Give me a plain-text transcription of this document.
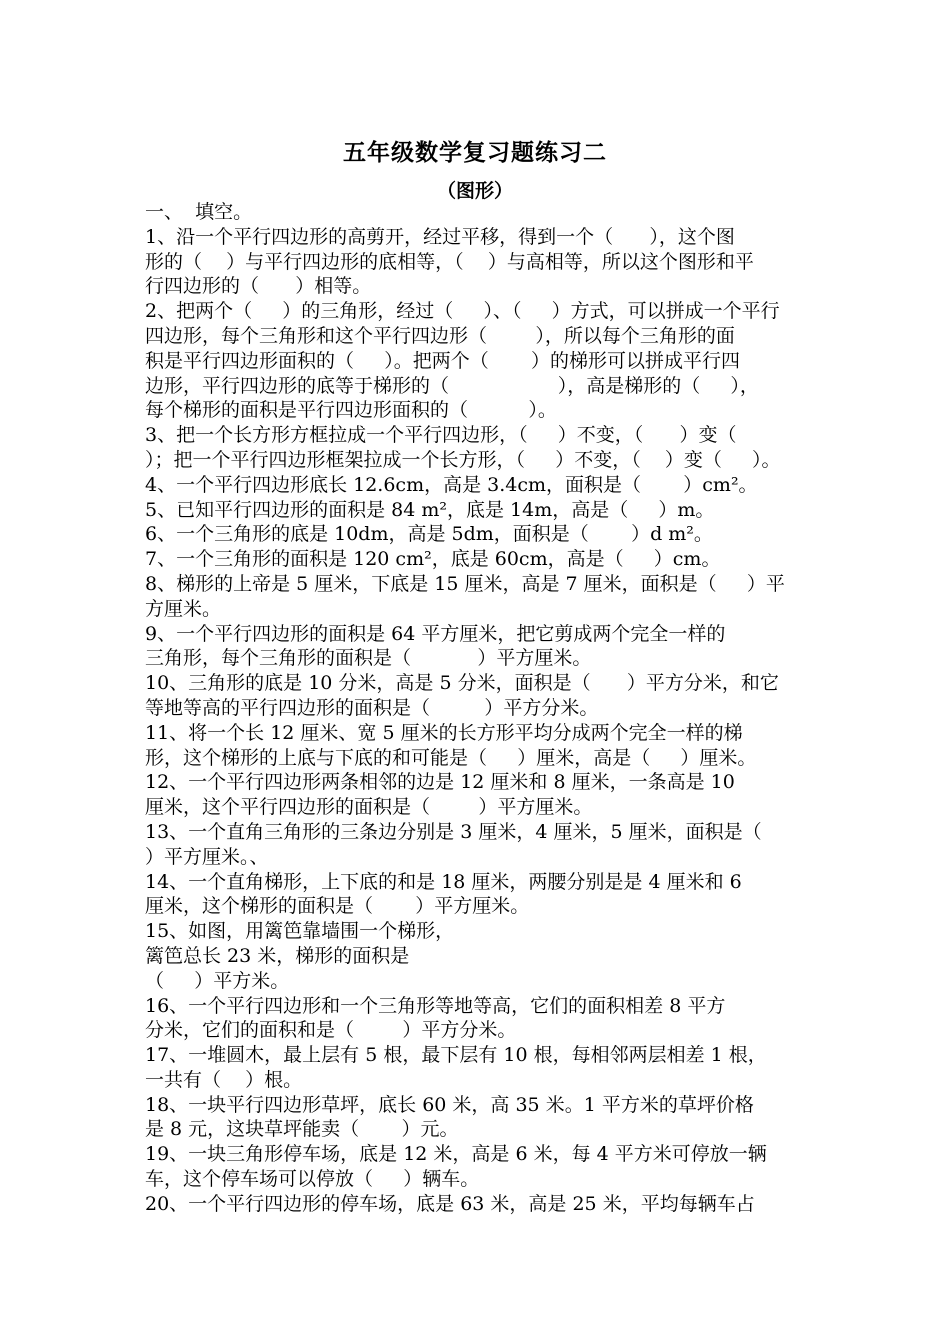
五年级数学复习题练习二
（图形）
一、  填空。
1、沿一个平行四边形的高剪开，经过平移，得到一个（      ），这个图
形的（    ）与平行四边形的底相等，（    ）与高相等，所以这个图形和平
行四边形的（      ）相等。
2、把两个（     ）的三角形，经过（     ）、（     ）方式，可以拼成一个平行
四边形，每个三角形和这个平行四边形（        ），所以每个三角形的面
积是平行四边形面积的（     ）。把两个（       ）的梯形可以拼成平行四
边形，平行四边形的底等于梯形的（                  ），高是梯形的（     ），
每个梯形的面积是平行四边形面积的（          ）。
3、把一个长方形方框拉成一个平行四边形，（     ）不变，（      ）变（
）；把一个平行四边形框架拉成一个长方形，（     ）不变，（    ）变（     ）。
4、一个平行四边形底长 12.6cm，高是 3.4cm，面积是（       ）cm²。
5、已知平行四边形的面积是 84 m²，底是 14m，高是（     ）m。
6、一个三角形的底是 10dm，高是 5dm，面积是（       ）d m²。
7、一个三角形的面积是 120 cm²，底是 60cm，高是（     ）cm。
8、梯形的上帝是 5 厘米，下底是 15 厘米，高是 7 厘米，面积是（     ）平
方厘米。
9、一个平行四边形的面积是 64 平方厘米，把它剪成两个完全一样的
三角形，每个三角形的面积是（           ）平方厘米。
10、三角形的底是 10 分米，高是 5 分米，面积是（      ）平方分米，和它
等地等高的平行四边形的面积是（         ）平方分米。
11、将一个长 12 厘米、宽 5 厘米的长方形平均分成两个完全一样的梯
形，这个梯形的上底与下底的和可能是（     ）厘米，高是（     ）厘米。
12、一个平行四边形两条相邻的边是 12 厘米和 8 厘米，一条高是 10
厘米，这个平行四边形的面积是（        ）平方厘米。
13、一个直角三角形的三条边分别是 3 厘米，4 厘米，5 厘米，面积是（
）平方厘米。、
14、一个直角梯形，上下底的和是 18 厘米，两腰分别是是 4 厘米和 6
厘米，这个梯形的面积是（       ）平方厘米。
15、如图，用篱笆靠墙围一个梯形，
篱笆总长 23 米，梯形的面积是
（     ）平方米。
16、一个平行四边形和一个三角形等地等高，它们的面积相差 8 平方
分米，它们的面积和是（        ）平方分米。
17、一堆圆木，最上层有 5 根，最下层有 10 根，每相邻两层相差 1 根，
一共有（    ）根。
18、一块平行四边形草坪，底长 60 米，高 35 米。1 平方米的草坪价格
是 8 元，这块草坪能卖（       ）元。
19、一块三角形停车场，底是 12 米，高是 6 米，每 4 平方米可停放一辆
车，这个停车场可以停放（     ）辆车。
20、一个平行四边形的停车场，底是 63 米，高是 25 米，平均每辆车占
